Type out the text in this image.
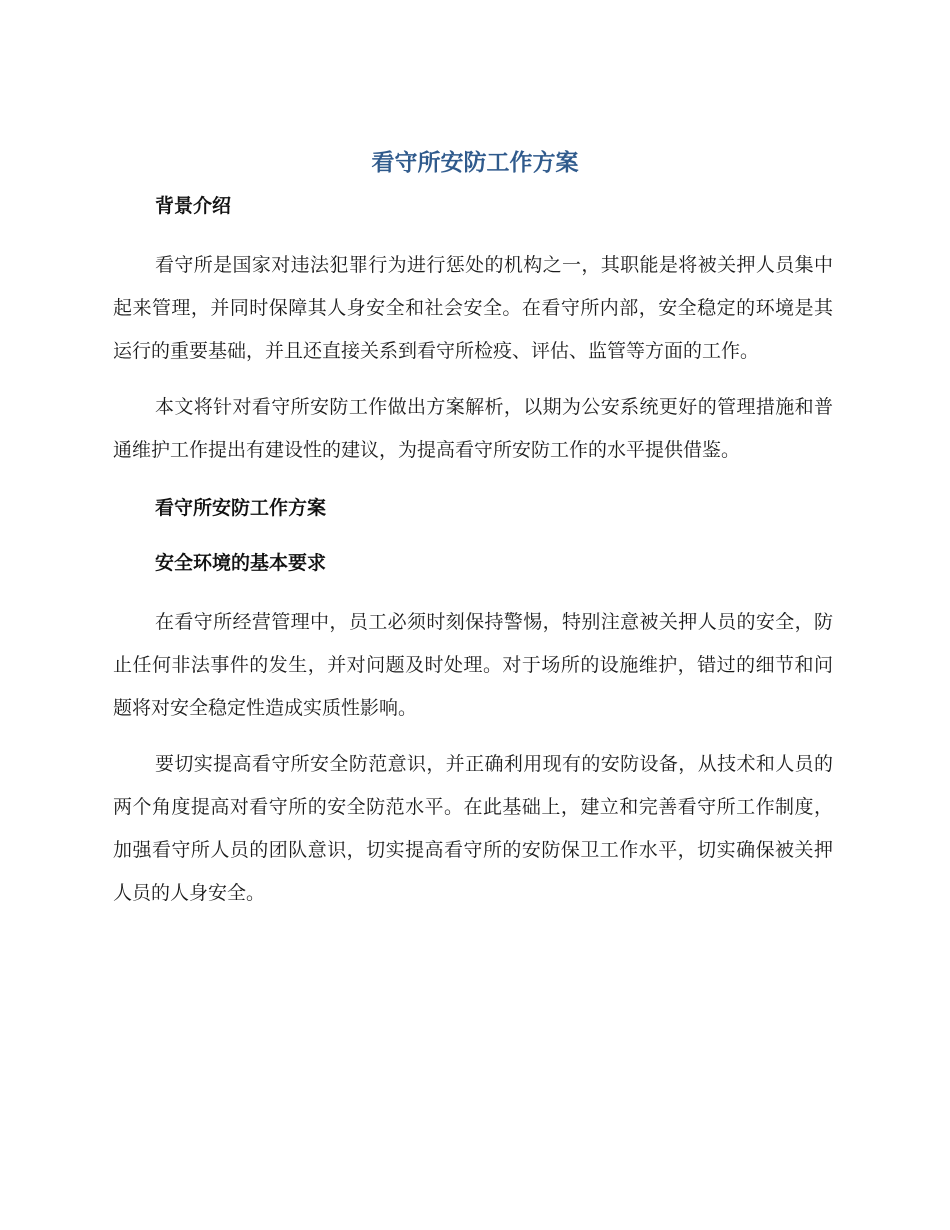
看守所安防工作方案
背景介绍

看守所是国家对违法犯罪行为进行惩处的机构之一，其职能是将被关押人员集中起来管理，并同时保障其人身安全和社会安全。在看守所内部，安全稳定的环境是其运行的重要基础，并且还直接关系到看守所检疫、评估、监管等方面的工作。

本文将针对看守所安防工作做出方案解析，以期为公安系统更好的管理措施和普通维护工作提出有建设性的建议，为提高看守所安防工作的水平提供借鉴。

看守所安防工作方案
安全环境的基本要求

在看守所经营管理中，员工必须时刻保持警惕，特别注意被关押人员的安全，防止任何非法事件的发生，并对问题及时处理。对于场所的设施维护，错过的细节和问题将对安全稳定性造成实质性影响。

要切实提高看守所安全防范意识，并正确利用现有的安防设备，从技术和人员的两个角度提高对看守所的安全防范水平。在此基础上，建立和完善看守所工作制度，加强看守所人员的团队意识，切实提高看守所的安防保卫工作水平，切实确保被关押人员的人身安全。
